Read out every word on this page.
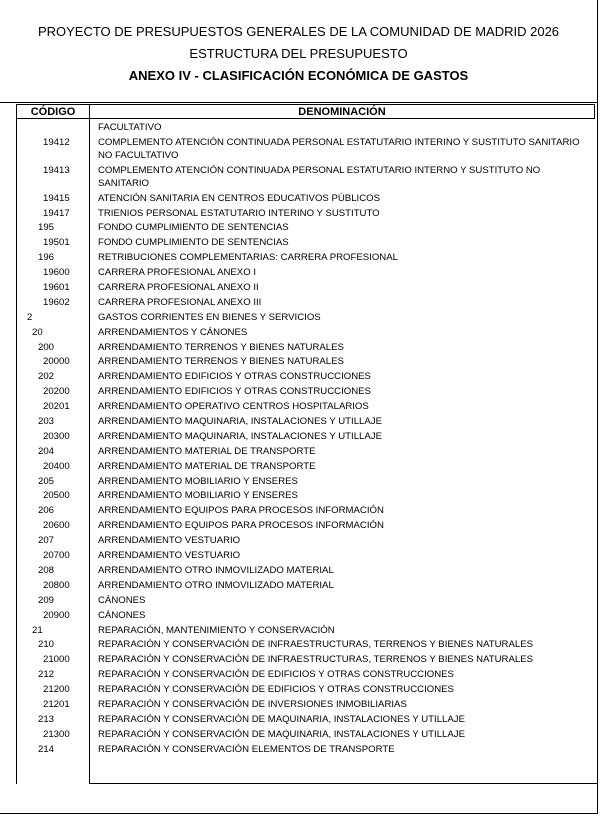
PROYECTO DE PRESUPUESTOS GENERALES DE LA COMUNIDAD DE MADRID 2026
ESTRUCTURA DEL PRESUPUESTO
ANEXO IV - CLASIFICACIÓN ECONÓMICA DE GASTOS
CÓDIGO	DENOMINACIÓN
FACULTATIVO
19412	COMPLEMENTO ATENCIÓN CONTINUADA PERSONAL ESTATUTARIO INTERINO Y SUSTITUTO SANITARIO NO FACULTATIVO
19413	COMPLEMENTO ATENCIÓN CONTINUADA PERSONAL ESTATUTARIO INTERNO Y SUSTITUTO NO SANITARIO
19415	ATENCIÓN SANITARIA EN CENTROS EDUCATIVOS PÚBLICOS
19417	TRIENIOS PERSONAL ESTATUTARIO INTERINO Y SUSTITUTO
195	FONDO CUMPLIMIENTO DE SENTENCIAS
19501	FONDO CUMPLIMIENTO DE SENTENCIAS
196	RETRIBUCIONES COMPLEMENTARIAS: CARRERA PROFESIONAL
19600	CARRERA PROFESIONAL ANEXO I
19601	CARRERA PROFESIONAL ANEXO II
19602	CARRERA PROFESIONAL ANEXO III
2	GASTOS CORRIENTES EN BIENES Y SERVICIOS
20	ARRENDAMIENTOS Y CÁNONES
200	ARRENDAMIENTO TERRENOS Y BIENES NATURALES
20000	ARRENDAMIENTO TERRENOS Y BIENES NATURALES
202	ARRENDAMIENTO EDIFICIOS Y OTRAS CONSTRUCCIONES
20200	ARRENDAMIENTO EDIFICIOS Y OTRAS CONSTRUCCIONES
20201	ARRENDAMIENTO OPERATIVO CENTROS HOSPITALARIOS
203	ARRENDAMIENTO MAQUINARIA, INSTALACIONES Y UTILLAJE
20300	ARRENDAMIENTO MAQUINARIA, INSTALACIONES Y UTILLAJE
204	ARRENDAMIENTO MATERIAL DE TRANSPORTE
20400	ARRENDAMIENTO MATERIAL DE TRANSPORTE
205	ARRENDAMIENTO MOBILIARIO Y ENSERES
20500	ARRENDAMIENTO MOBILIARIO Y ENSERES
206	ARRENDAMIENTO EQUIPOS PARA PROCESOS INFORMACIÓN
20600	ARRENDAMIENTO EQUIPOS PARA PROCESOS INFORMACIÓN
207	ARRENDAMIENTO VESTUARIO
20700	ARRENDAMIENTO VESTUARIO
208	ARRENDAMIENTO OTRO INMOVILIZADO MATERIAL
20800	ARRENDAMIENTO OTRO INMOVILIZADO MATERIAL
209	CÁNONES
20900	CÁNONES
21	REPARACIÓN, MANTENIMIENTO Y CONSERVACIÓN
210	REPARACIÓN Y CONSERVACIÓN DE INFRAESTRUCTURAS, TERRENOS Y BIENES NATURALES
21000	REPARACIÓN Y CONSERVACIÓN DE INFRAESTRUCTURAS, TERRENOS Y BIENES NATURALES
212	REPARACIÓN Y CONSERVACIÓN DE EDIFICIOS Y OTRAS CONSTRUCCIONES
21200	REPARACIÓN Y CONSERVACIÓN DE EDIFICIOS Y OTRAS CONSTRUCCIONES
21201	REPARACIÓN Y CONSERVACIÓN DE INVERSIONES INMOBILIARIAS
213	REPARACIÓN Y CONSERVACIÓN DE MAQUINARIA, INSTALACIONES Y UTILLAJE
21300	REPARACIÓN Y CONSERVACIÓN DE MAQUINARIA, INSTALACIONES Y UTILLAJE
214	REPARACIÓN Y CONSERVACIÓN ELEMENTOS DE TRANSPORTE
